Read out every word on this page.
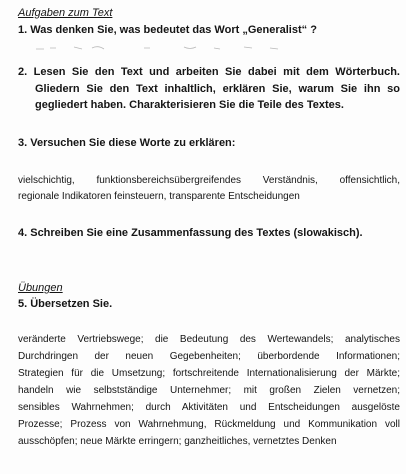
Aufgaben zum Text
1. Was denken Sie, was bedeutet das Wort „Generalist“ ?
2. Lesen Sie den Text und arbeiten Sie dabei mit dem Wörterbuch.
Gliedern Sie den Text inhaltlich, erklären Sie, warum Sie ihn so
gegliedert haben. Charakterisieren Sie die Teile des Textes.
3. Versuchen Sie diese Worte zu erklären:
vielschichtig, funktionsbereichsübergreifendes Verständnis, offensichtlich,
regionale Indikatoren feinsteuern, transparente Entscheidungen
4. Schreiben Sie eine Zusammenfassung des Textes (slowakisch).
Übungen
5. Übersetzen Sie.
veränderte Vertriebswege; die Bedeutung des Wertewandels; analytisches
Durchdringen der neuen Gegebenheiten; überbordende Informationen;
Strategien für die Umsetzung; fortschreitende Internationalisierung der Märkte;
handeln wie selbstständige Unternehmer; mit großen Zielen vernetzen;
sensibles Wahrnehmen; durch Aktivitäten und Entscheidungen ausgelöste
Prozesse; Prozess von Wahrnehmung, Rückmeldung und Kommunikation voll
ausschöpfen; neue Märkte erringern; ganzheitliches, vernetztes Denken
